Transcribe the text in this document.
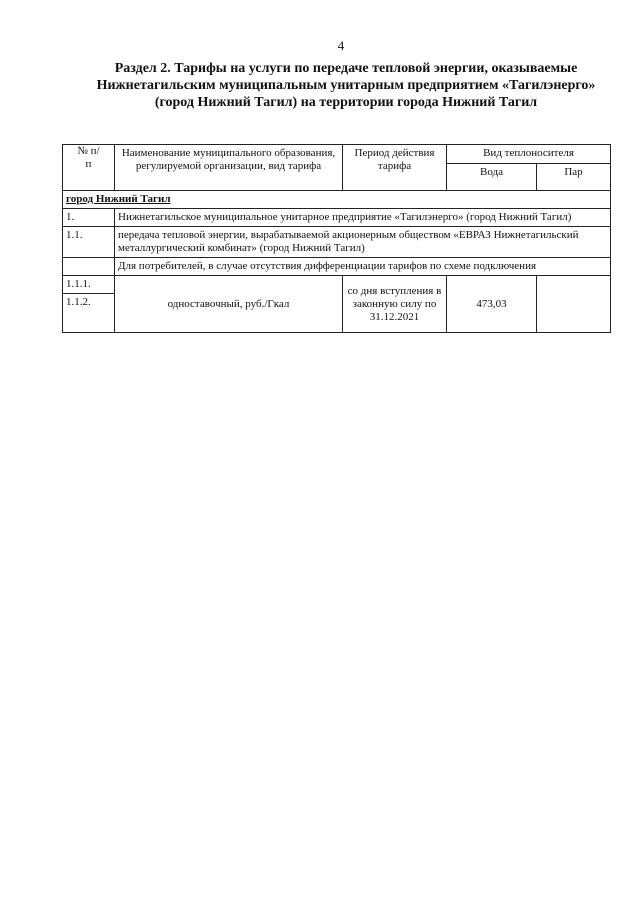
4
Раздел 2. Тарифы на услуги по передаче тепловой энергии, оказываемые
Нижнетагильским муниципальным унитарным предприятием «Тагилэнерго»
(город Нижний Тагил) на территории города Нижний Тагил
№ п/п	Наименование муниципального образования, регулируемой организации, вид тарифа	Период действия тарифа	Вид теплоносителя	
			Вода	Пар
город Нижний Тагил				
1.	Нижнетагильское муниципальное унитарное предприятие «Тагилэнерго» (город Нижний Тагил)			
1.1.	передача тепловой энергии, вырабатываемой акционерным обществом «ЕВРАЗ Нижнетагильский металлургический комбинат» (город Нижний Тагил)			
	Для потребителей, в случае отсутствия дифференциации тарифов по схеме подключения			
1.1.1.	одноставочный, руб./Гкал	со дня вступления в законную силу по 31.12.2021	473,03	
1.1.2.				
